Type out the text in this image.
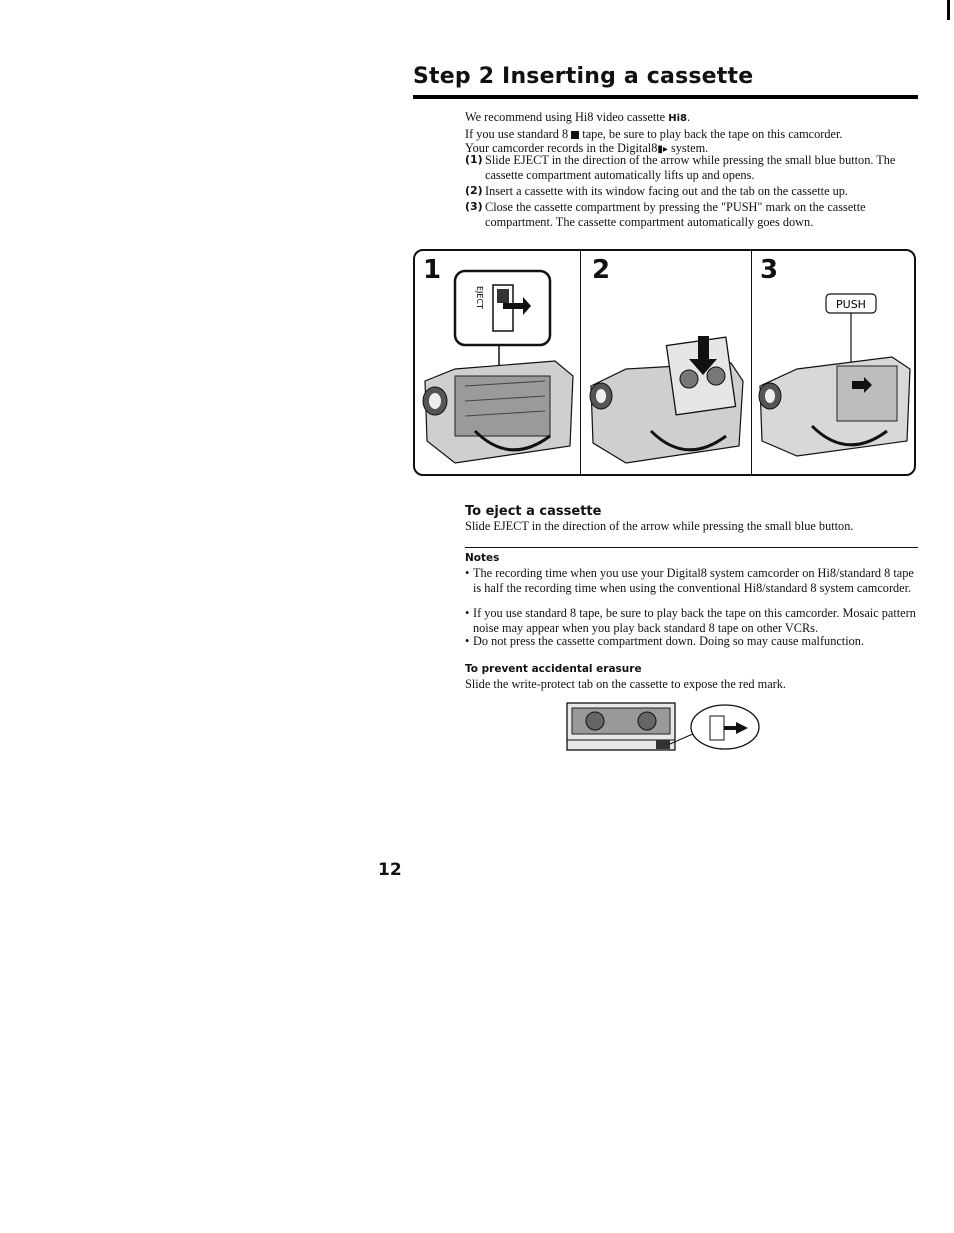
Step 2 Inserting a cassette
We recommend using Hi8 video cassette Hi8.
If you use standard 8 tape, be sure to play back the tape on this camcorder.
Your camcorder records in the Digital8▮▸ system.
(1) Slide EJECT in the direction of the arrow while pressing the small blue button. The cassette compartment automatically lifts up and opens.
(2) Insert a cassette with its window facing out and the tab on the cassette up.
(3) Close the cassette compartment by pressing the "PUSH" mark on the cassette compartment. The cassette compartment automatically goes down.
1	2	3
EJECT	PUSH
To eject a cassette
Slide EJECT in the direction of the arrow while pressing the small blue button.
Notes
• The recording time when you use your Digital8 system camcorder on Hi8/standard 8 tape is half the recording time when using the conventional Hi8/standard 8 system camcorder.
• If you use standard 8 tape, be sure to play back the tape on this camcorder. Mosaic pattern noise may appear when you play back standard 8 tape on other VCRs.
• Do not press the cassette compartment down. Doing so may cause malfunction.
To prevent accidental erasure
Slide the write-protect tab on the cassette to expose the red mark.
12
